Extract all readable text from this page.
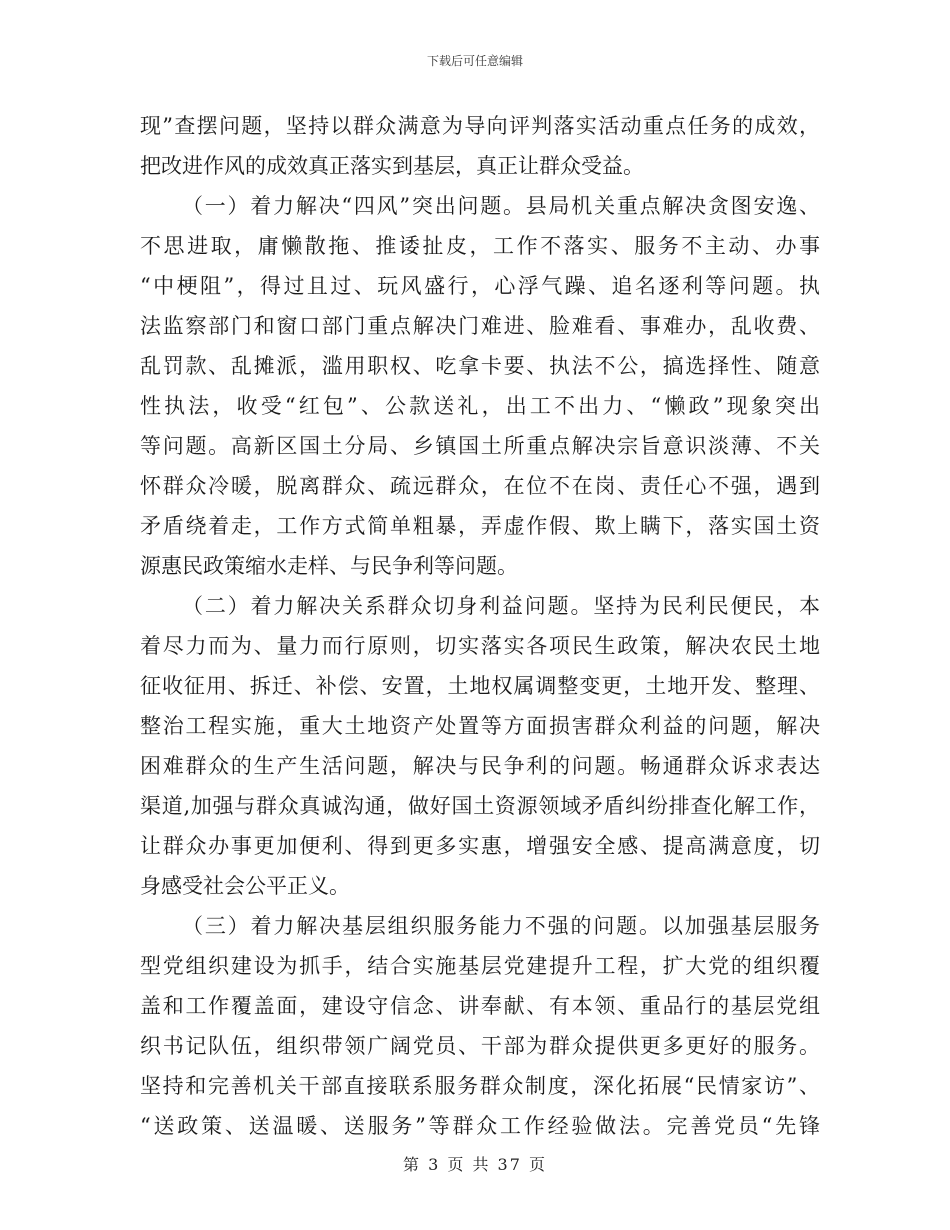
下载后可任意编辑
现”查摆问题，坚持以群众满意为导向评判落实活动重点任务的成效，
把改进作风的成效真正落实到基层，真正让群众受益。
（一）着力解决“四风”突出问题。县局机关重点解决贪图安逸、
不思进取，庸懒散拖、推诿扯皮，工作不落实、服务不主动、办事
“中梗阻”，得过且过、玩风盛行，心浮气躁、追名逐利等问题。执
法监察部门和窗口部门重点解决门难进、脸难看、事难办，乱收费、
乱罚款、乱摊派，滥用职权、吃拿卡要、执法不公，搞选择性、随意
性执法，收受“红包”、公款送礼，出工不出力、“懒政”现象突出
等问题。高新区国土分局、乡镇国土所重点解决宗旨意识淡薄、不关
怀群众冷暖，脱离群众、疏远群众，在位不在岗、责任心不强，遇到
矛盾绕着走，工作方式简单粗暴，弄虚作假、欺上瞒下，落实国土资
源惠民政策缩水走样、与民争利等问题。
（二）着力解决关系群众切身利益问题。坚持为民利民便民，本
着尽力而为、量力而行原则，切实落实各项民生政策，解决农民土地
征收征用、拆迁、补偿、安置，土地权属调整变更，土地开发、整理、
整治工程实施，重大土地资产处置等方面损害群众利益的问题，解决
困难群众的生产生活问题，解决与民争利的问题。畅通群众诉求表达
渠道,加强与群众真诚沟通，做好国土资源领域矛盾纠纷排查化解工作，
让群众办事更加便利、得到更多实惠，增强安全感、提高满意度，切
身感受社会公平正义。
（三）着力解决基层组织服务能力不强的问题。以加强基层服务
型党组织建设为抓手，结合实施基层党建提升工程，扩大党的组织覆
盖和工作覆盖面，建设守信念、讲奉献、有本领、重品行的基层党组
织书记队伍，组织带领广阔党员、干部为群众提供更多更好的服务。
坚持和完善机关干部直接联系服务群众制度，深化拓展“民情家访”、
“送政策、送温暖、送服务”等群众工作经验做法。完善党员“先锋
第 3 页 共 37 页
